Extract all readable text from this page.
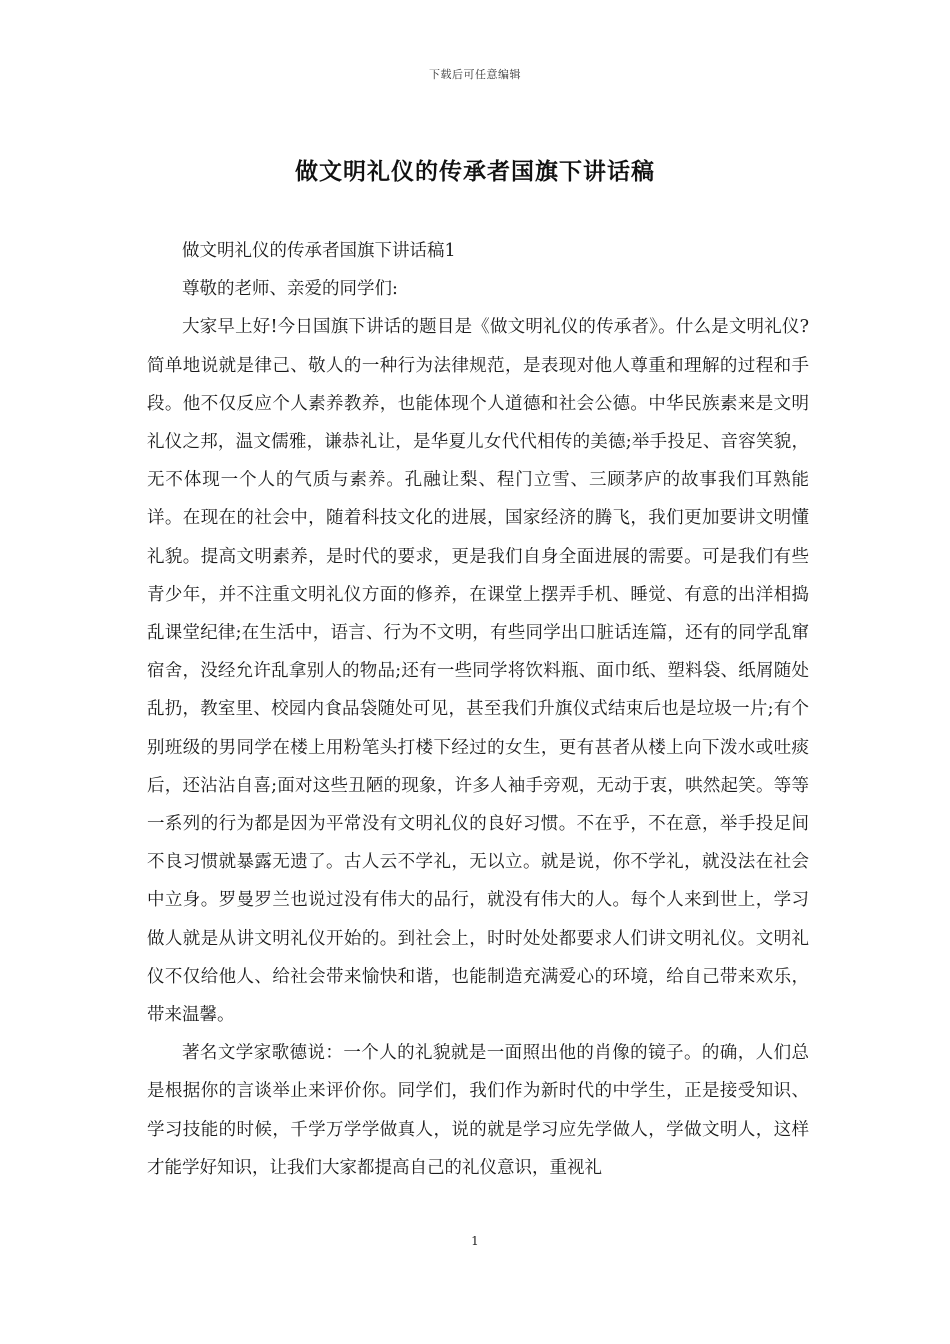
下载后可任意编辑
做文明礼仪的传承者国旗下讲话稿

做文明礼仪的传承者国旗下讲话稿1

尊敬的老师、亲爱的同学们:

大家早上好!今日国旗下讲话的题目是《做文明礼仪的传承者》。什么是文明礼仪?简单地说就是律己、敬人的一种行为法律规范，是表现对他人尊重和理解的过程和手段。他不仅反应个人素养教养，也能体现个人道德和社会公德。中华民族素来是文明礼仪之邦，温文儒雅，谦恭礼让，是华夏儿女代代相传的美德;举手投足、音容笑貌，无不体现一个人的气质与素养。孔融让梨、程门立雪、三顾茅庐的故事我们耳熟能详。在现在的社会中，随着科技文化的进展，国家经济的腾飞，我们更加要讲文明懂礼貌。提高文明素养，是时代的要求，更是我们自身全面进展的需要。可是我们有些青少年，并不注重文明礼仪方面的修养，在课堂上摆弄手机、睡觉、有意的出洋相捣乱课堂纪律;在生活中，语言、行为不文明，有些同学出口脏话连篇，还有的同学乱窜宿舍，没经允许乱拿别人的物品;还有一些同学将饮料瓶、面巾纸、塑料袋、纸屑随处乱扔，教室里、校园内食品袋随处可见，甚至我们升旗仪式结束后也是垃圾一片;有个别班级的男同学在楼上用粉笔头打楼下经过的女生，更有甚者从楼上向下泼水或吐痰后，还沾沾自喜;面对这些丑陋的现象，许多人袖手旁观，无动于衷，哄然起笑。等等一系列的行为都是因为平常没有文明礼仪的良好习惯。不在乎，不在意，举手投足间不良习惯就暴露无遗了。古人云不学礼，无以立。就是说，你不学礼，就没法在社会中立身。罗曼罗兰也说过没有伟大的品行，就没有伟大的人。每个人来到世上，学习做人就是从讲文明礼仪开始的。到社会上，时时处处都要求人们讲文明礼仪。文明礼仪不仅给他人、给社会带来愉快和谐，也能制造充满爱心的环境，给自己带来欢乐，带来温馨。

著名文学家歌德说：一个人的礼貌就是一面照出他的肖像的镜子。的确，人们总是根据你的言谈举止来评价你。同学们，我们作为新时代的中学生，正是接受知识、学习技能的时候，千学万学学做真人，说的就是学习应先学做人，学做文明人，这样才能学好知识，让我们大家都提高自己的礼仪意识，重视礼

1
